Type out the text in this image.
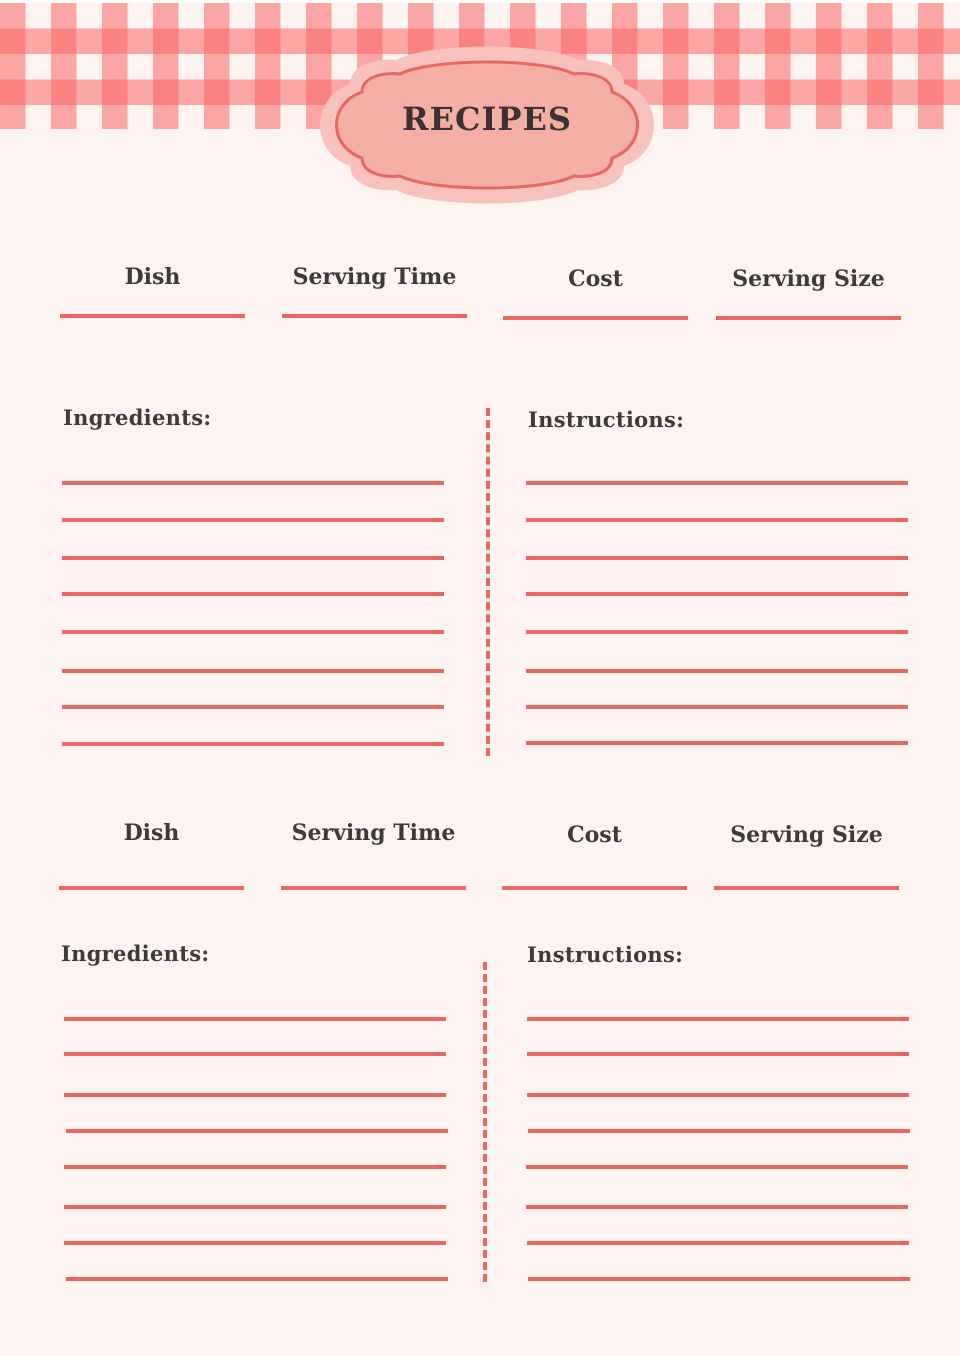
RECIPES
Dish	Serving Time	Cost	Serving Size
Ingredients:	Instructions:
Dish	Serving Time	Cost	Serving Size
Ingredients:	Instructions:
